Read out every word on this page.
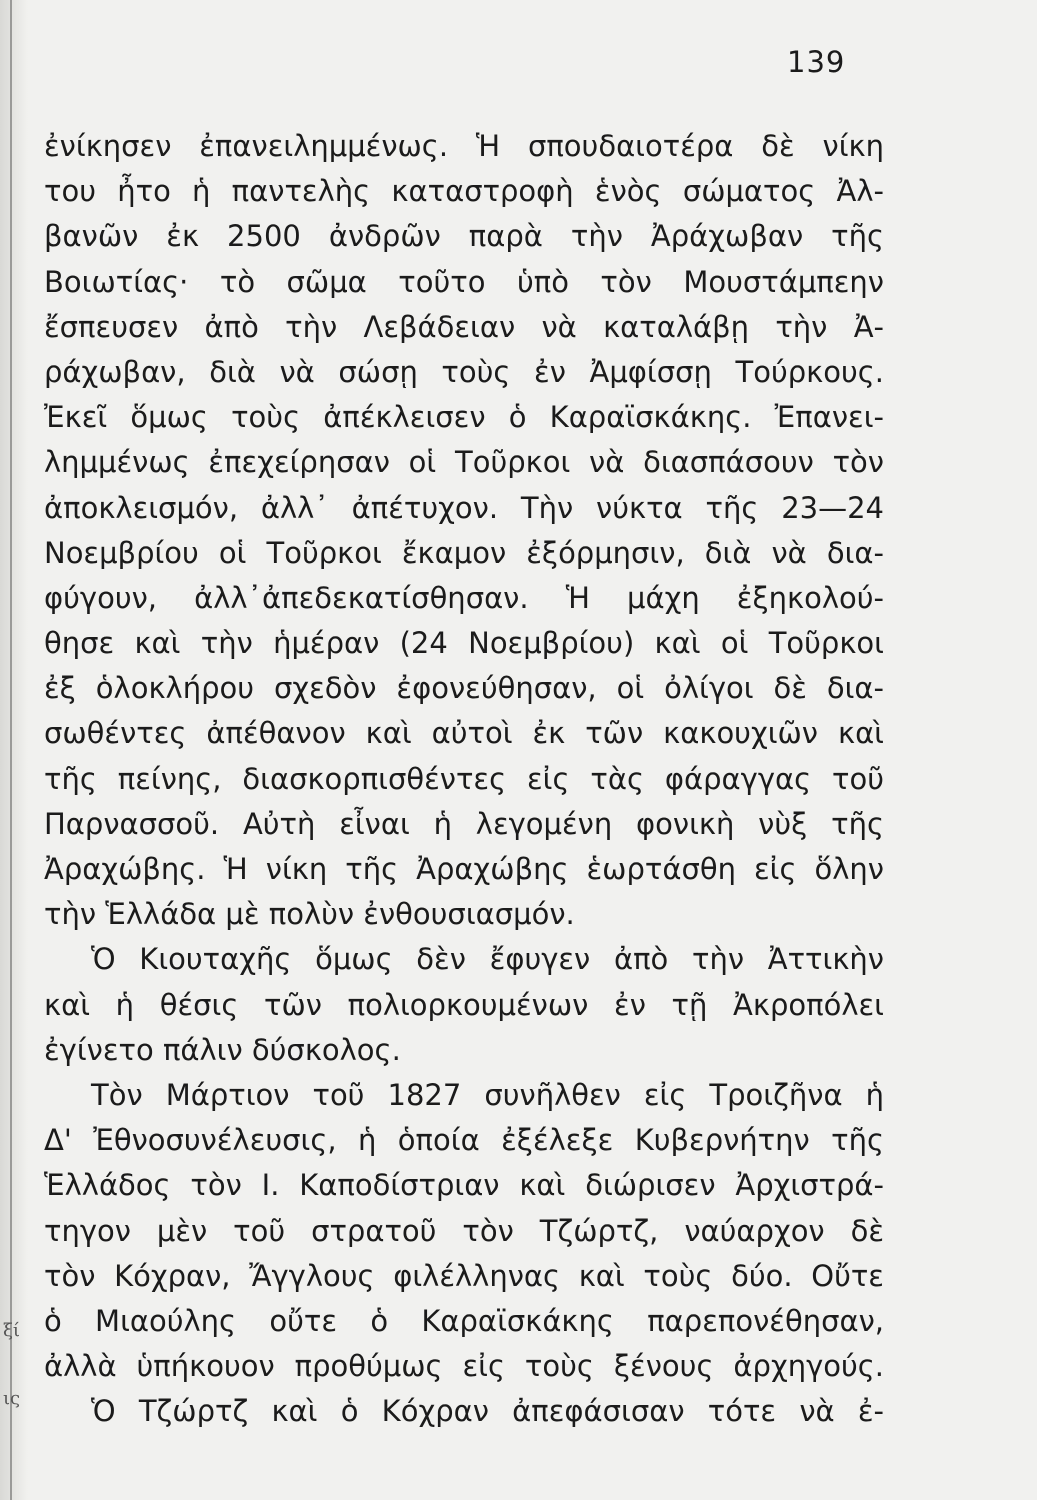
139
ἐνίκησεν ἐπανειλημμένως. Ἡ σπουδαιοτέρα δὲ νίκη
του ἦτο ἡ παντελὴς καταστροφὴ ἑνὸς σώματος Ἀλ-
βανῶν ἐκ 2500 ἀνδρῶν παρὰ τὴν Ἀράχωβαν τῆς
Βοιωτίας· τὸ σῶμα τοῦτο ὑπὸ τὸν Μουστάμπεην
ἔσπευσεν ἀπὸ τὴν Λεβάδειαν νὰ καταλάβῃ τὴν Ἀ-
ράχωβαν, διὰ νὰ σώσῃ τοὺς ἐν Ἀμφίσσῃ Τούρκους.
Ἐκεῖ ὅμως τοὺς ἀπέκλεισεν ὁ Καραϊσκάκης. Ἐπανει-
λημμένως ἐπεχείρησαν οἱ Τοῦρκοι νὰ διασπάσουν τὸν
ἀποκλεισμόν, ἀλλ᾽ ἀπέτυχον. Τὴν νύκτα τῆς 23—24
Νοεμβρίου οἱ Τοῦρκοι ἔκαμον ἐξόρμησιν, διὰ νὰ δια-
φύγουν, ἀλλ᾽ἀπεδεκατίσθησαν. Ἡ μάχη ἐξηκολού-
θησε καὶ τὴν ἡμέραν (24 Νοεμβρίου) καὶ οἱ Τοῦρκοι
ἐξ ὁλοκλήρου σχεδὸν ἐφονεύθησαν, οἱ ὀλίγοι δὲ δια-
σωθέντες ἀπέθανον καὶ αὐτοὶ ἐκ τῶν κακουχιῶν καὶ
τῆς πείνης, διασκορπισθέντες εἰς τὰς φάραγγας τοῦ
Παρνασσοῦ. Αὐτὴ εἶναι ἡ λεγομένη φονικὴ νὺξ τῆς
Ἀραχώβης. Ἡ νίκη τῆς Ἀραχώβης ἑωρτάσθη εἰς ὅλην
τὴν Ἑλλάδα μὲ πολὺν ἐνθουσιασμόν.
Ὁ Κιουταχῆς ὅμως δὲν ἔφυγεν ἀπὸ τὴν Ἀττικὴν
καὶ ἡ θέσις τῶν πολιορκουμένων ἐν τῇ Ἀκροπόλει
ἐγίνετο πάλιν δύσκολος.
Τὸν Μάρτιον τοῦ 1827 συνῆλθεν εἰς Τροιζῆνα ἡ
Δ' Ἐθνοσυνέλευσις, ἡ ὁποία ἐξέλεξε Κυβερνήτην τῆς
Ἑλλάδος τὸν Ι. Καποδίστριαν καὶ διώρισεν Ἀρχιστρά-
τηγον μὲν τοῦ στρατοῦ τὸν Τζώρτζ, ναύαρχον δὲ
τὸν Κόχραν, Ἄγγλους φιλέλληνας καὶ τοὺς δύο. Οὔτε
ὁ Μιαούλης οὔτε ὁ Καραϊσκάκης παρεπονέθησαν,
ἀλλὰ ὑπήκουον προθύμως εἰς τοὺς ξένους ἀρχηγούς.
Ὁ Τζώρτζ καὶ ὁ Κόχραν ἀπεφάσισαν τότε νὰ ἐ-
ξί
ις
